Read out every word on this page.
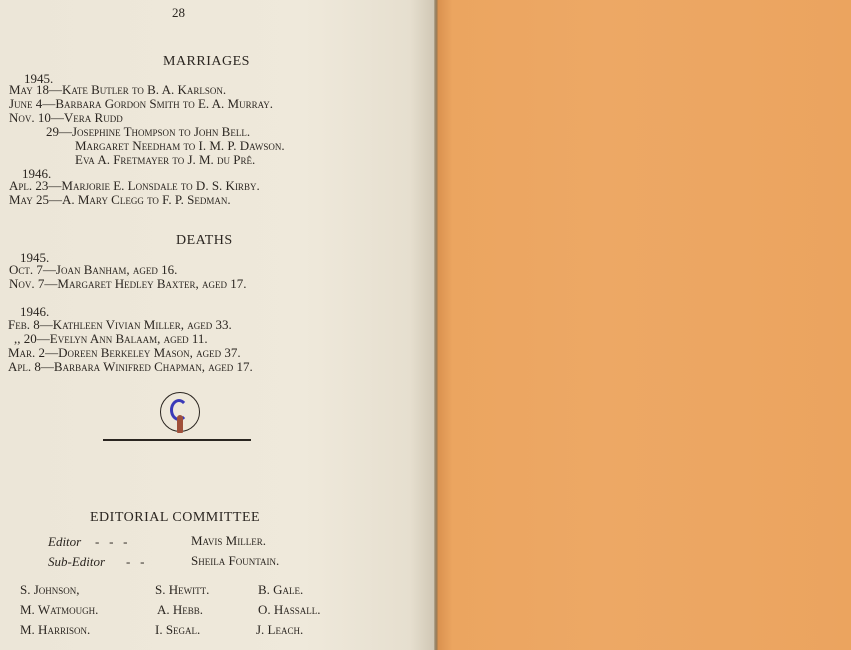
28
MARRIAGES
1945.
May 18—Kate Butler to B. A. Karlson.
June 4—Barbara Gordon Smith to E. A. Murray.
Nov. 10—Vera Rudd
29—Josephine Thompson to John Bell.
Margaret Needham to I. M. P. Dawson.
Eva A. Fretmayer to J. M. du Prê.
1946.
Apl. 23—Marjorie E. Lonsdale to D. S. Kirby.
May 25—A. Mary Clegg to F. P. Sedman.
DEATHS
1945.
Oct. 7—Joan Banham, aged 16.
Nov. 7—Margaret Hedley Baxter, aged 17.
1946.
Feb. 8—Kathleen Vivian Miller, aged 33.
,, 20—Evelyn Ann Balaam, aged 11.
Mar. 2—Doreen Berkeley Mason, aged 37.
Apl. 8—Barbara Winifred Chapman, aged 17.
EDITORIAL COMMITTEE
Editor -   -   -	Mavis Miller.
Sub-Editor -   -	Sheila Fountain.
S. Johnson,	S. Hewitt.	B. Gale.
M. Watmough.	A. Hebb.	O. Hassall.
M. Harrison.	I. Segal.	J. Leach.
